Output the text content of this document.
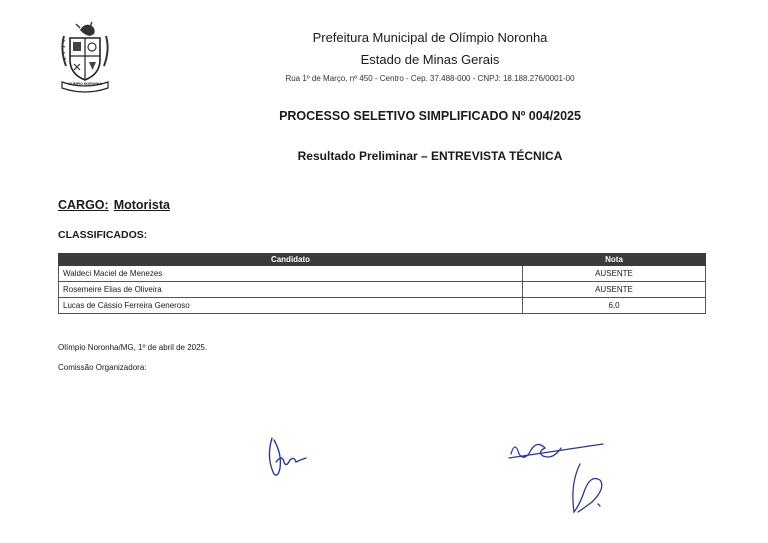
OLÍMPIO NORONHA
Prefeitura Municipal de Olímpio Noronha
Estado de Minas Gerais
Rua 1º de Março, nº 450 - Centro - Cep. 37.488-000 - CNPJ: 18.188.276/0001-00
PROCESSO SELETIVO SIMPLIFICADO Nº 004/2025
Resultado Preliminar – ENTREVISTA TÉCNICA
CARGO: Motorista
CLASSIFICADOS:
Candidato	Nota
Waldeci Maciel de Menezes	AUSENTE
Rosemeire Elias de Oliveira	AUSENTE
Lucas de Cássio Ferreira Generoso	6,0
Olímpio Noronha/MG, 1º de abril de 2025.
Comissão Organizadora:
